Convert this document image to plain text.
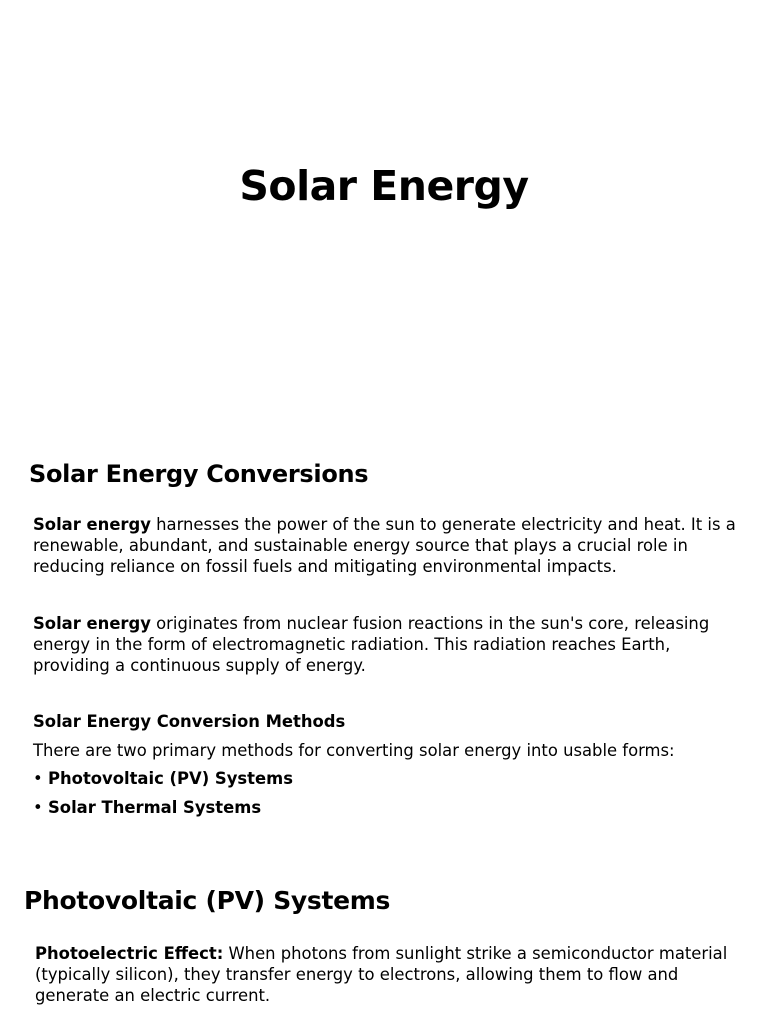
Solar Energy
Solar Energy Conversions

Solar energy harnesses the power of the sun to generate electricity and heat. It is a renewable, abundant, and sustainable energy source that plays a crucial role in reducing reliance on fossil fuels and mitigating environmental impacts.

Solar energy originates from nuclear fusion reactions in the sun's core, releasing energy in the form of electromagnetic radiation. This radiation reaches Earth, providing a continuous supply of energy.

Solar Energy Conversion Methods

There are two primary methods for converting solar energy into usable forms:

• Photovoltaic (PV) Systems
• Solar Thermal Systems
Photovoltaic (PV) Systems

Photoelectric Effect: When photons from sunlight strike a semiconductor material (typically silicon), they transfer energy to electrons, allowing them to flow and generate an electric current.
